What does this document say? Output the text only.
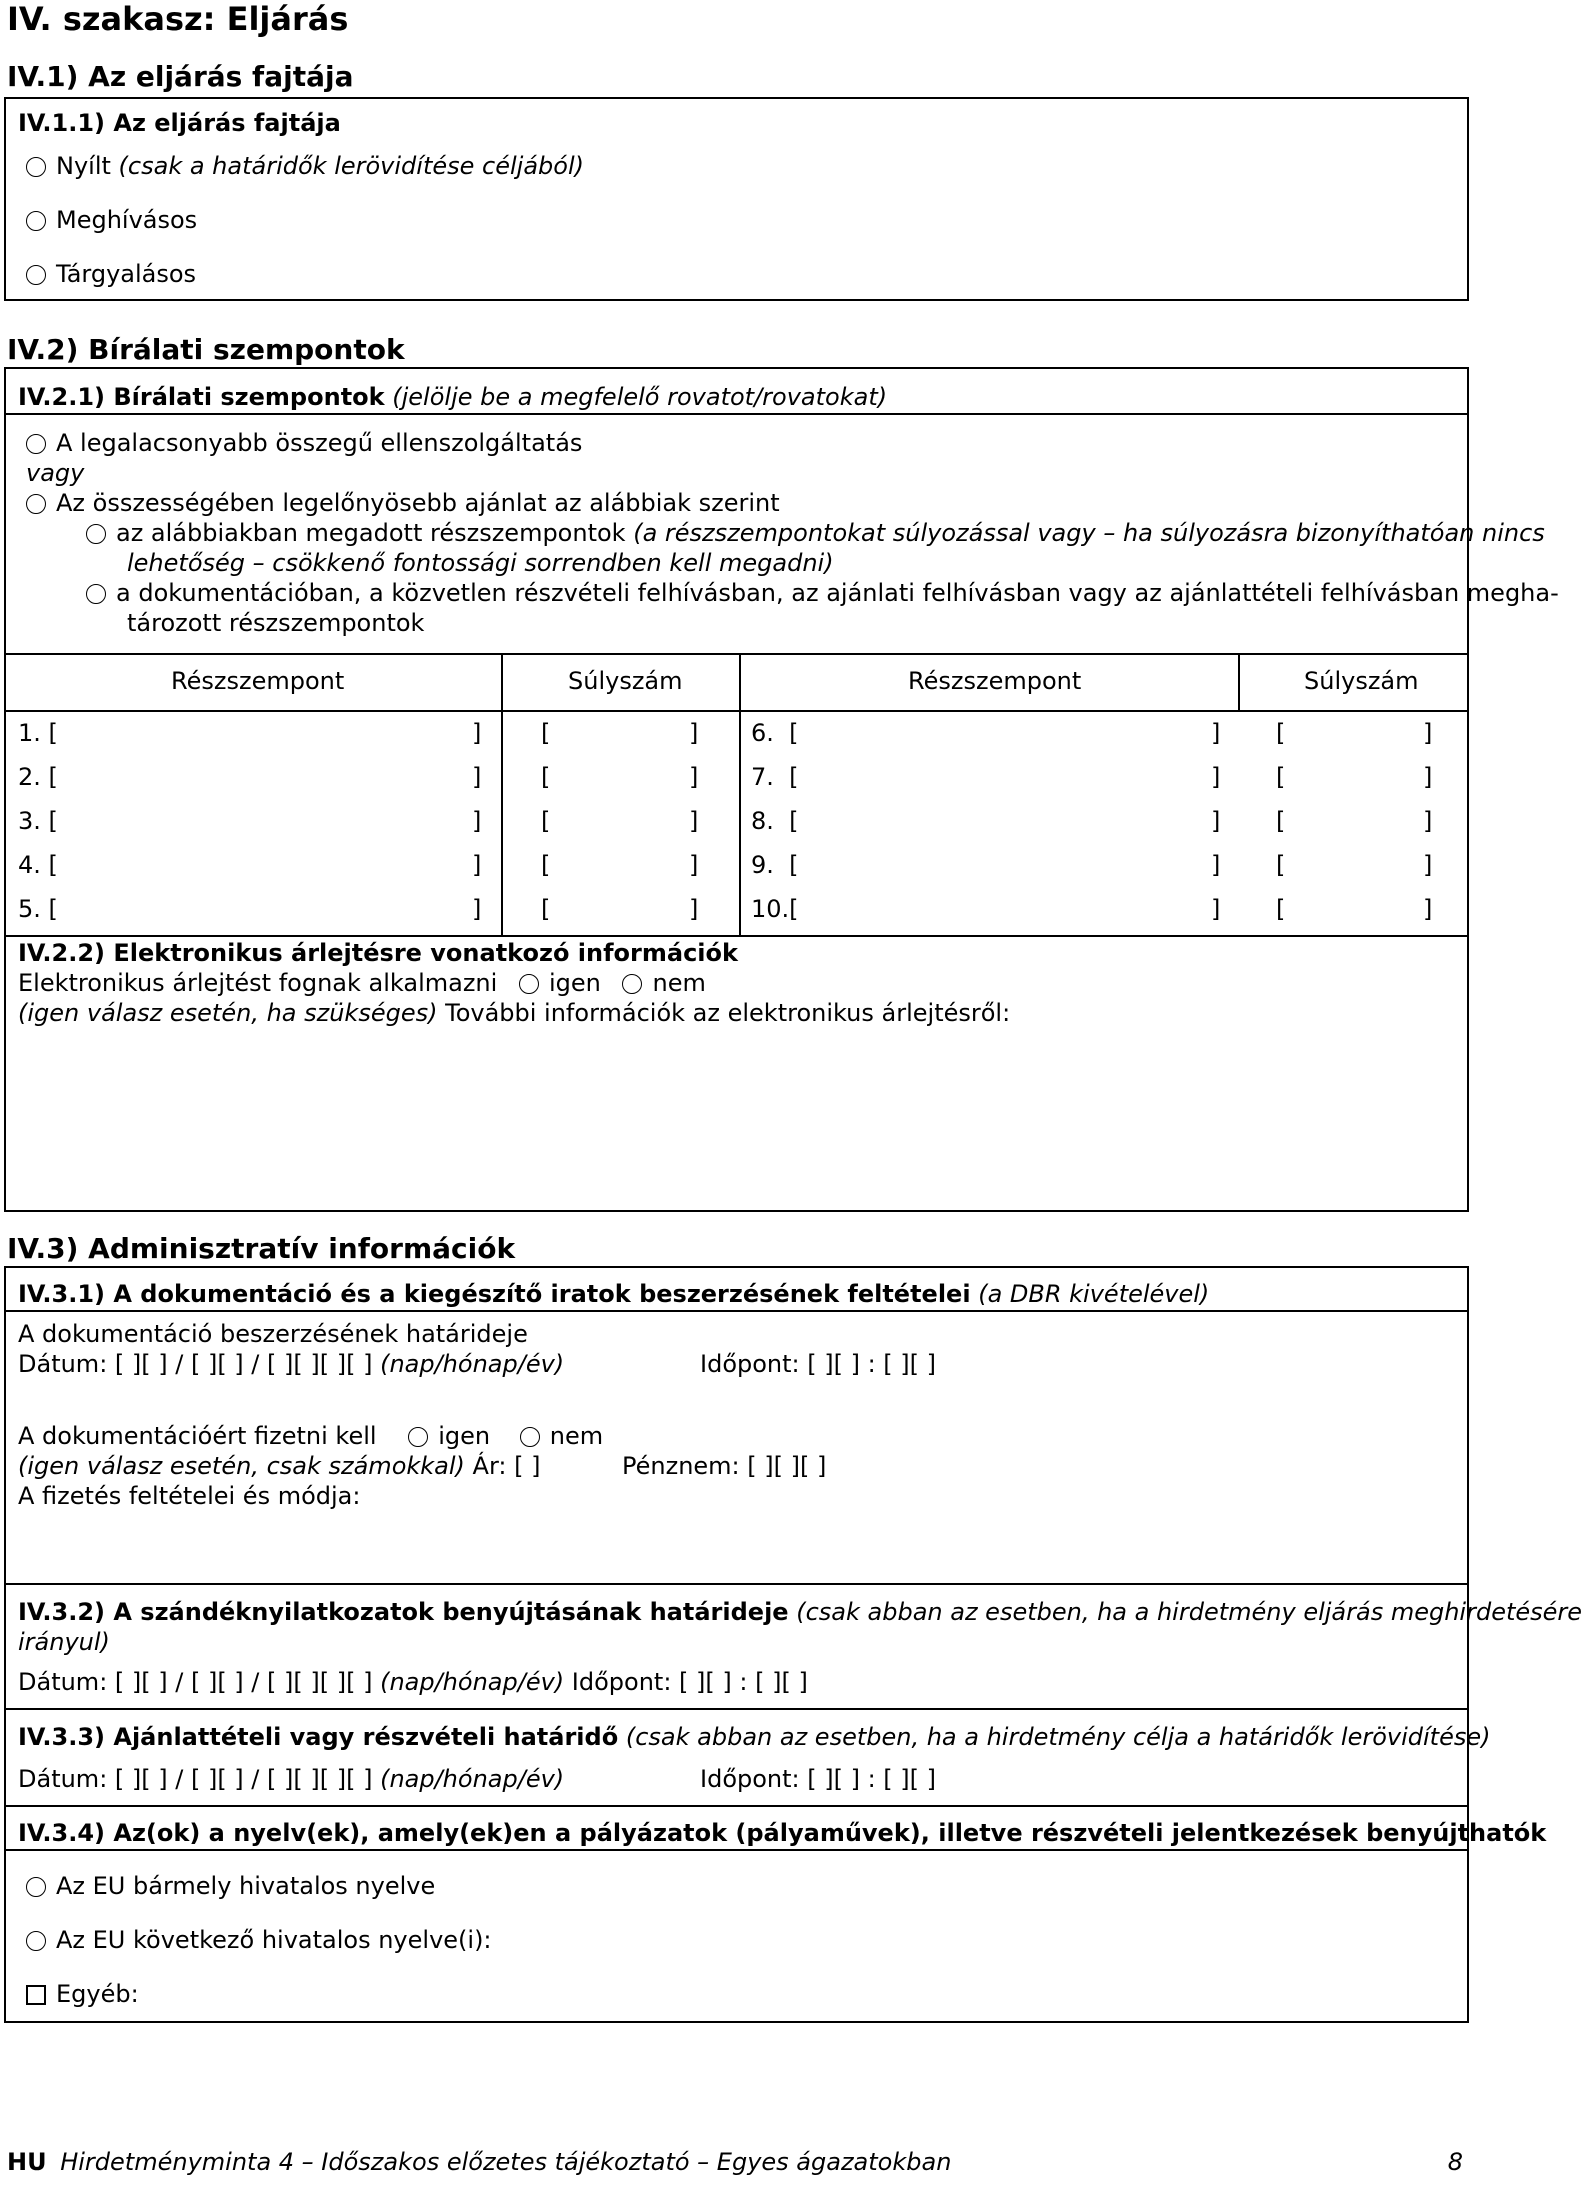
IV. szakasz: Eljárás
IV.1) Az eljárás fajtája
IV.1.1) Az eljárás fajtája
Nyílt (csak a határidők lerövidítése céljából)
Meghívásos
Tárgyalásos
IV.2) Bírálati szempontok
IV.2.1) Bírálati szempontok (jelölje be a megfelelő rovatot/rovatokat)
A legalacsonyabb összegű ellenszolgáltatás
vagy
Az összességében legelőnyösebb ajánlat az alábbiak szerint
az alábbiakban megadott részszempontok (a részszempontokat súlyozással vagy – ha súlyozásra bizonyíthatóan nincs
lehetőség – csökkenő fontossági sorrendben kell megadni)
a dokumentációban, a közvetlen részvételi felhívásban, az ajánlati felhívásban vagy az ajánlattételi felhívásban megha-
tározott részszempontok
Részszempont	Súlyszám	Részszempont	Súlyszám
1. [	] [	] 6.  [	] [	]
2. [	] [	] 7.  [	] [	]
3. [	] [	] 8.  [	] [	]
4. [	] [	] 9.  [	] [	]
5. [	] [	] 10.[	] [	]
IV.2.2) Elektronikus árlejtésre vonatkozó információk
Elektronikus árlejtést fognak alkalmazni igen nem
(igen válasz esetén, ha szükséges) További információk az elektronikus árlejtésről:
IV.3) Adminisztratív információk
IV.3.1) A dokumentáció és a kiegészítő iratok beszerzésének feltételei (a DBR kivételével)
A dokumentáció beszerzésének határideje
Dátum: [ ][ ] / [ ][ ] / [ ][ ][ ][ ] (nap/hónap/év)	Időpont: [ ][ ] : [ ][ ]
A dokumentációért fizetni kell	igen nem
(igen válasz esetén, csak számokkal) Ár: [ ]	Pénznem: [ ][ ][ ]
A fizetés feltételei és módja:
IV.3.2) A szándéknyilatkozatok benyújtásának határideje (csak abban az esetben, ha a hirdetmény eljárás meghirdetésére
irányul)
Dátum: [ ][ ] / [ ][ ] / [ ][ ][ ][ ] (nap/hónap/év) Időpont: [ ][ ] : [ ][ ]
IV.3.3) Ajánlattételi vagy részvételi határidő (csak abban az esetben, ha a hirdetmény célja a határidők lerövidítése)
Dátum: [ ][ ] / [ ][ ] / [ ][ ][ ][ ] (nap/hónap/év)	Időpont: [ ][ ] : [ ][ ]
IV.3.4) Az(ok) a nyelv(ek), amely(ek)en a pályázatok (pályaművek), illetve részvételi jelentkezések benyújthatók
Az EU bármely hivatalos nyelve
Az EU következő hivatalos nyelve(i):
Egyéb:
HU Hirdetményminta 4 – Időszakos előzetes tájékoztató – Egyes ágazatokban	8
